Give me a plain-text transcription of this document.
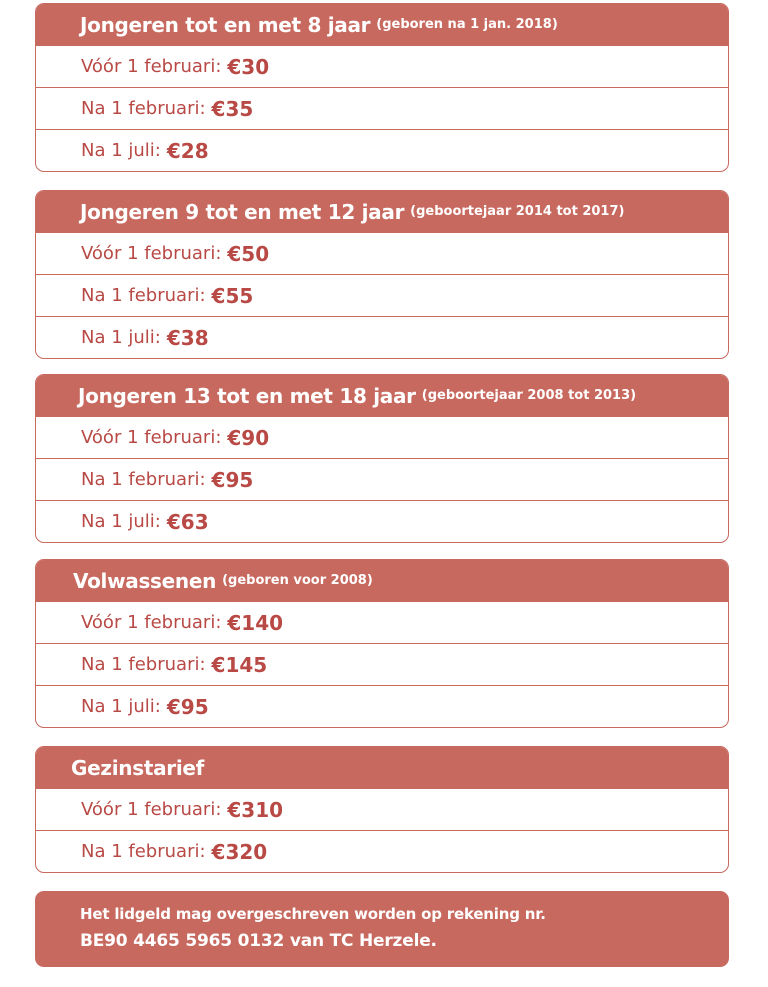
Jongeren tot en met 8 jaar (geboren na 1 jan. 2018)
Vóór 1 februari: €30
Na 1 februari: €35
Na 1 juli: €28
Jongeren 9 tot en met 12 jaar (geboortejaar 2014 tot 2017)
Vóór 1 februari: €50
Na 1 februari: €55
Na 1 juli: €38
Jongeren 13 tot en met 18 jaar (geboortejaar 2008 tot 2013)
Vóór 1 februari: €90
Na 1 februari: €95
Na 1 juli: €63
Volwassenen (geboren voor 2008)
Vóór 1 februari: €140
Na 1 februari: €145
Na 1 juli: €95
Gezinstarief
Vóór 1 februari: €310
Na 1 februari: €320
Het lidgeld mag overgeschreven worden op rekening nr.
BE90 4465 5965 0132 van TC Herzele.
